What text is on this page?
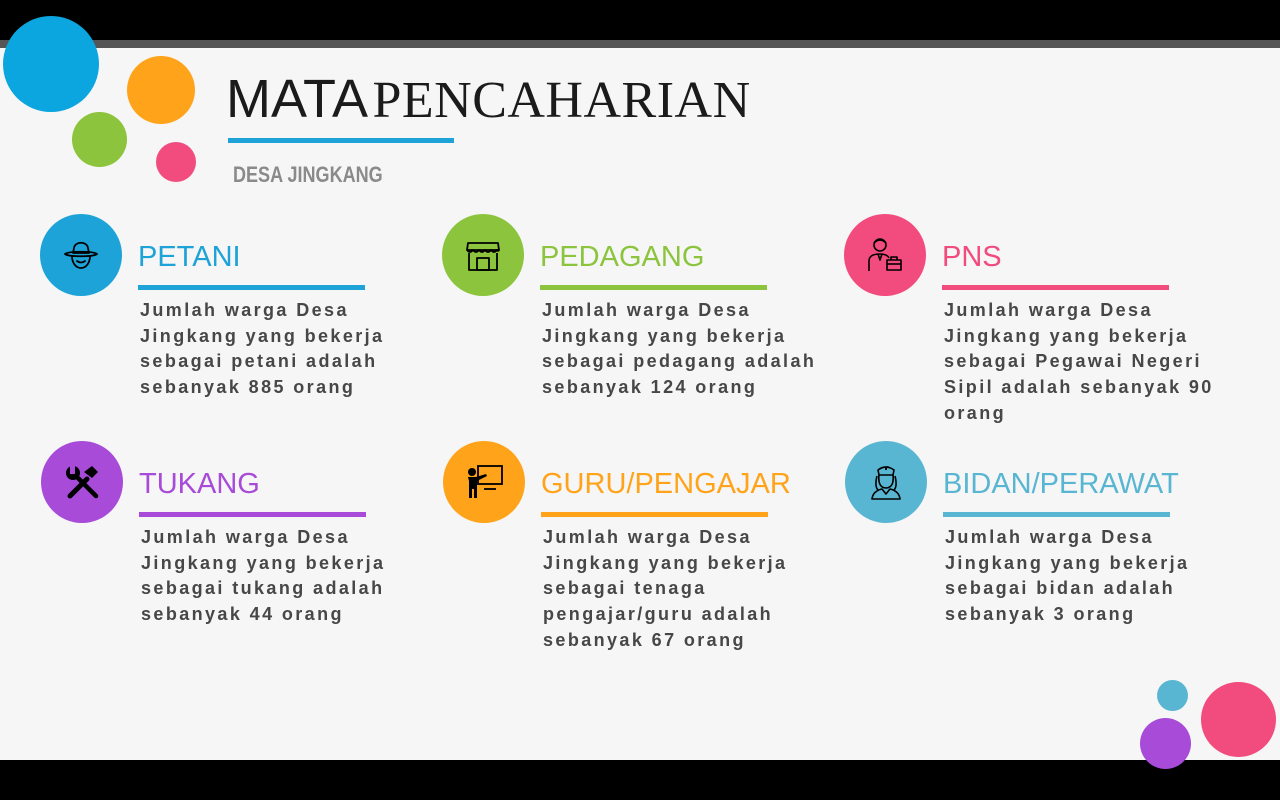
MATA PENCAHARIAN
DESA JINGKANG
PETANI
Jumlah warga Desa Jingkang yang bekerja sebagai petani adalah sebanyak 885 orang
PEDAGANG
Jumlah warga Desa Jingkang yang bekerja sebagai pedagang adalah sebanyak 124 orang
PNS
Jumlah warga Desa Jingkang yang bekerja sebagai Pegawai Negeri Sipil adalah sebanyak 90 orang
TUKANG
Jumlah warga Desa Jingkang yang bekerja sebagai tukang adalah sebanyak 44 orang
GURU/PENGAJAR
Jumlah warga Desa Jingkang yang bekerja sebagai tenaga pengajar/guru adalah sebanyak 67 orang
BIDAN/PERAWAT
Jumlah warga Desa Jingkang yang bekerja sebagai bidan adalah sebanyak 3 orang
